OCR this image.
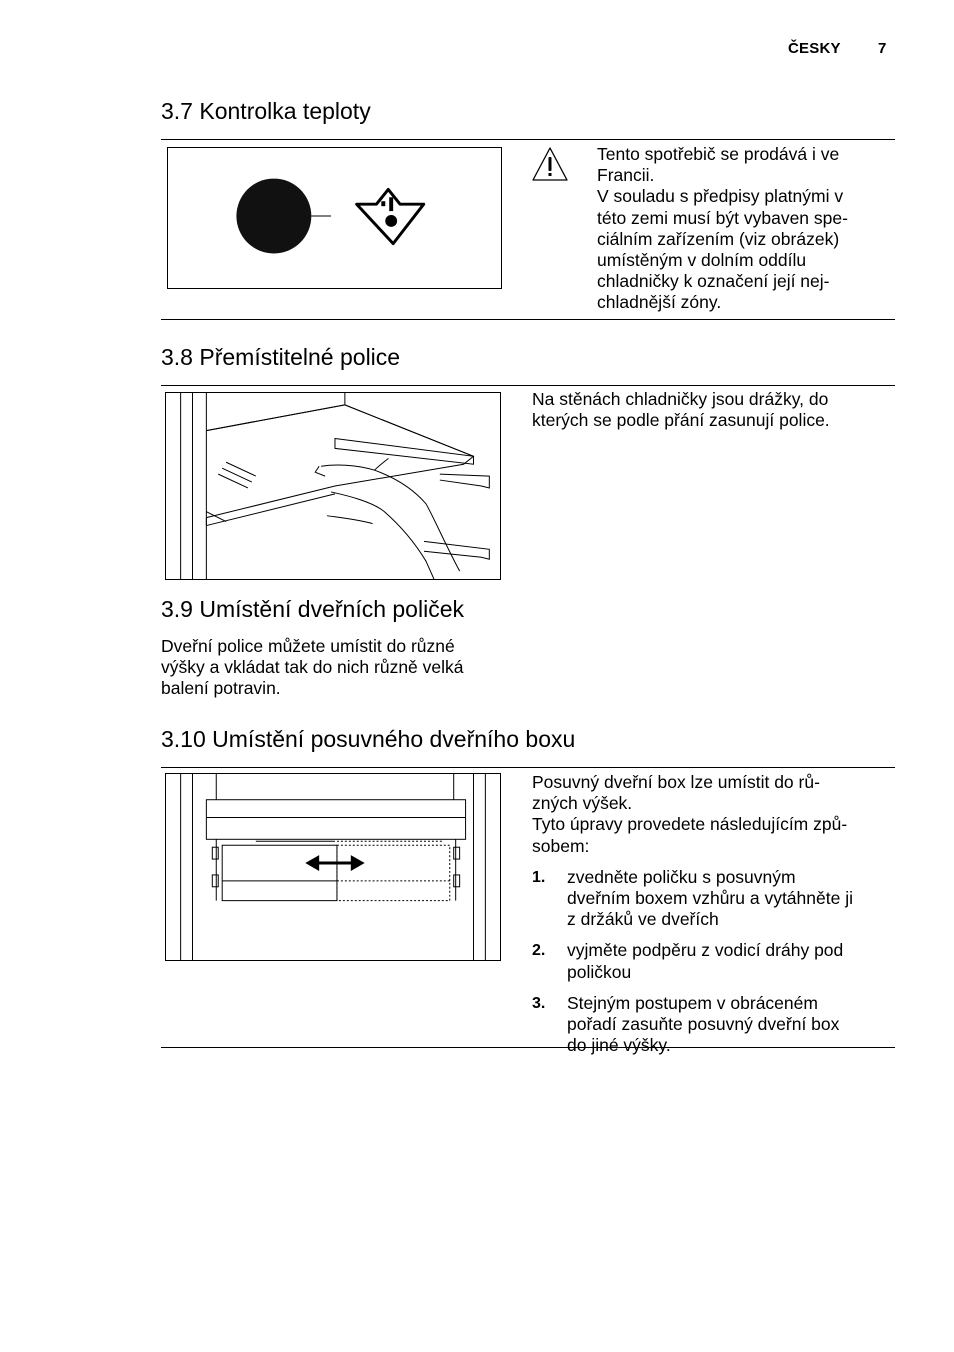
ČESKY 7
3.7 Kontrolka teploty

Tento spotřebič se prodává i ve

Francii.

V souladu s předpisy platnými v

této zemi musí být vybaven spe-

ciálním zařízením (viz obrázek)

umístěným v dolním oddílu

chladničky k označení její nej-

chladnější zóny.

3.8 Přemístitelné police

Na stěnách chladničky jsou drážky, do

kterých se podle přání zasunují police.

3.9 Umístění dveřních poliček

Dveřní police můžete umístit do různé

výšky a vkládat tak do nich různě velká

balení potravin.

3.10 Umístění posuvného dveřního boxu

Posuvný dveřní box lze umístit do rů-

zných výšek.

Tyto úpravy provedete následujícím způ-

sobem:

1. zvedněte poličku s posuvným
dveřním boxem vzhůru a vytáhněte ji
z držáků ve dveřích
2. vyjměte podpěru z vodicí dráhy pod
poličkou
3. Stejným postupem v obráceném
pořadí zasuňte posuvný dveřní box
do jiné výšky.
